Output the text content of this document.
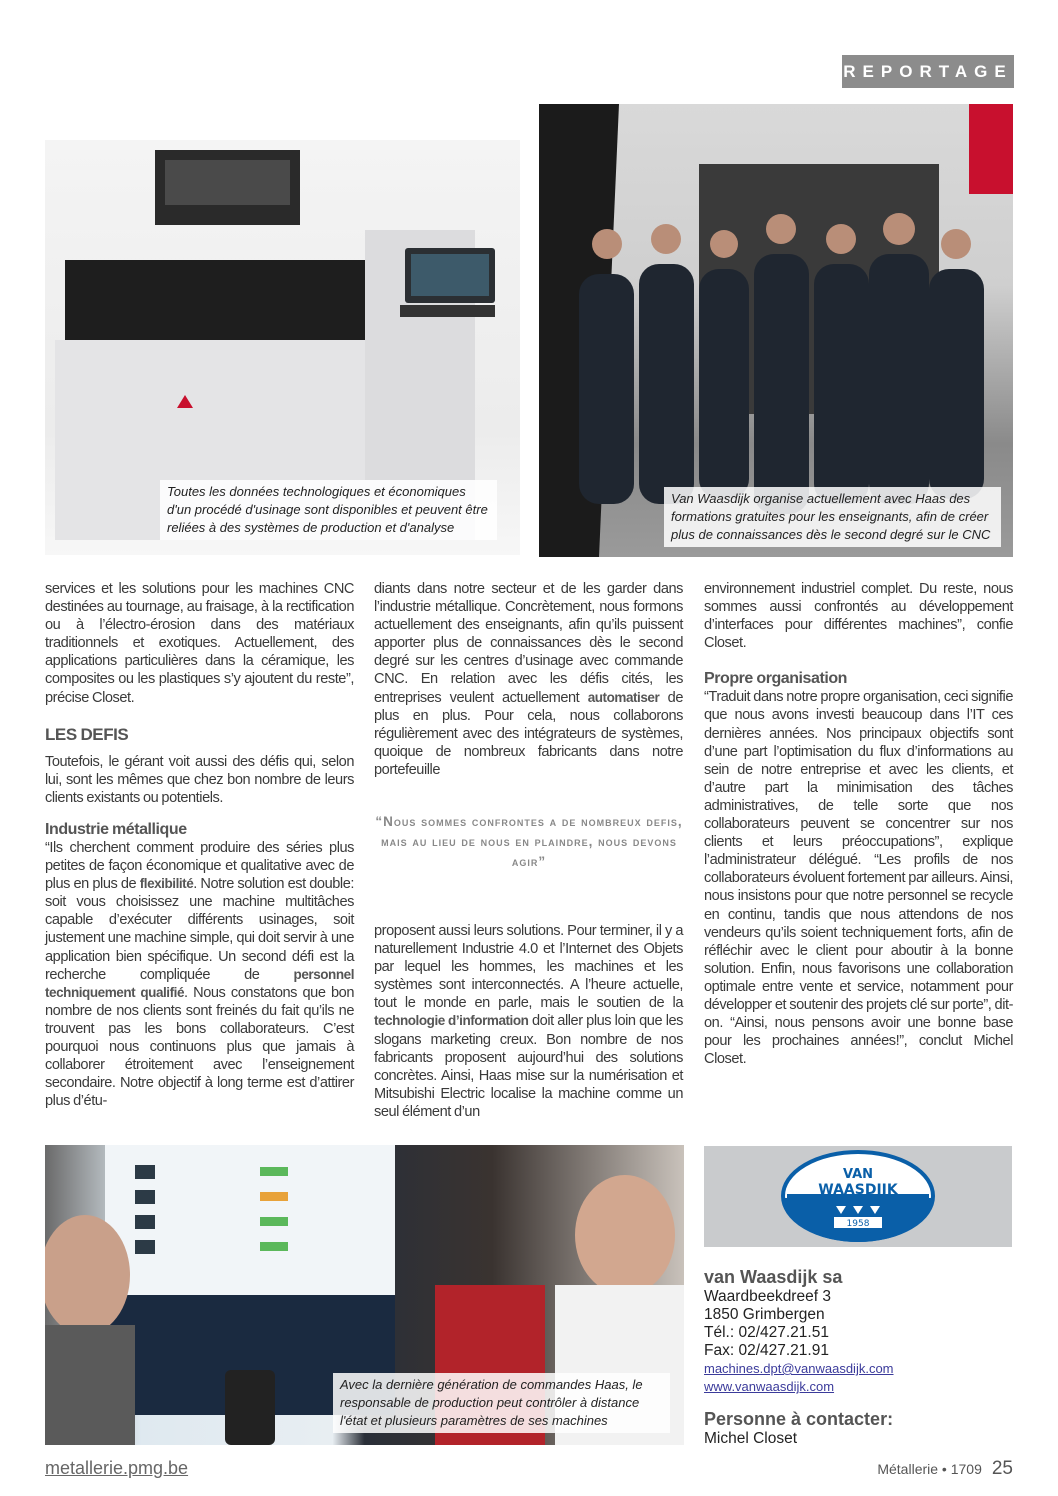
REPORTAGE
Toutes les données technologiques et économiques d'un procédé d'usinage sont disponibles et peuvent être reliées à des systèmes de production et d'analyse
Van Waasdijk organise actuellement avec Haas des formations gratuites pour les enseignants, afin de créer plus de connaissances dès le second degré sur le CNC

services et les solutions pour les machines CNC destinées au tournage, au fraisage, à la rectification ou à l’électro-érosion dans des matériaux traditionnels et exotiques. Actuellement, des applications particulières dans la céramique, les composites ou les plastiques s’y ajoutent du reste”, précise Closet.

LES DEFIS

Toutefois, le gérant voit aussi des défis qui, selon lui, sont les mêmes que chez bon nombre de leurs clients existants ou potentiels.

Industrie métallique

“Ils cherchent comment produire des séries plus petites de façon économique et qualitative avec de plus en plus de flexibilité. Notre solution est double: soit vous choisissez une machine multitâches capable d’exécuter différents usinages, soit justement une machine simple, qui doit servir à une application bien spécifique. Un second défi est la recherche compliquée de personnel techniquement qualifié. Nous constatons que bon nombre de nos clients sont freinés du fait qu’ils ne trouvent pas les bons collaborateurs. C’est pourquoi nous continuons plus que jamais à collaborer étroitement avec l’enseignement secondaire. Notre objectif à long terme est d’attirer plus d’étu-

diants dans notre secteur et de les garder dans l’industrie métallique. Concrètement, nous formons actuellement des enseignants, afin qu’ils puissent apporter plus de connaissances dès le second degré sur les centres d’usinage avec commande CNC. En relation avec les défis cités, les entreprises veulent actuellement automatiser de plus en plus. Pour cela, nous collaborons régulièrement avec des intégrateurs de systèmes, quoique de nombreux fabricants dans notre portefeuille

“Nous sommes confrontes a de nombreux defis, mais au lieu de nous en plaindre, nous devons agir”

proposent aussi leurs solutions. Pour terminer, il y a naturellement Industrie 4.0 et l’Internet des Objets par lequel les hommes, les machines et les systèmes sont interconnectés. A l’heure actuelle, tout le monde en parle, mais le soutien de la technologie d’information doit aller plus loin que les slogans marketing creux. Bon nombre de nos fabricants proposent aujourd’hui des solutions concrètes. Ainsi, Haas mise sur la numérisation et Mitsubishi Electric localise la machine comme un seul élément d’un

environnement industriel complet. Du reste, nous sommes aussi confrontés au développement d’interfaces pour différentes machines”, confie Closet.

Propre organisation

“Traduit dans notre propre organisation, ceci signifie que nous avons investi beaucoup dans l’IT ces dernières années. Nos principaux objectifs sont d’une part l’optimisation du flux d’informations au sein de notre entreprise et avec les clients, et d’autre part la minimisation des tâches administratives, de telle sorte que nos collaborateurs peuvent se concentrer sur nos clients et leurs préoccupations”, explique l’administrateur délégué. “Les profils de nos collaborateurs évoluent fortement par ailleurs. Ainsi, nous insistons pour que notre personnel se recycle en continu, tandis que nous attendons de nos vendeurs qu’ils soient techniquement forts, afin de réfléchir avec le client pour aboutir à la bonne solution. Enfin, nous favorisons une collaboration optimale entre vente et service, notamment pour développer et soutenir des projets clé sur porte”, dit-on. “Ainsi, nous pensons avoir une bonne base pour les prochaines années!”, conclut Michel Closet.

Avec la dernière génération de commandes Haas, le responsable de production peut contrôler à distance l'état et plusieurs paramètres de ses machines
VAN
WAASDIJK
1958
van Waasdijk sa
Waardbeekdreef 3
1850 Grimbergen
Tél.: 02/427.21.51
Fax: 02/427.21.91
machines.dpt@vanwaasdijk.com
www.vanwaasdijk.com
Personne à contacter:
Michel Closet
metallerie.pmg.be	Métallerie • 1709 25
